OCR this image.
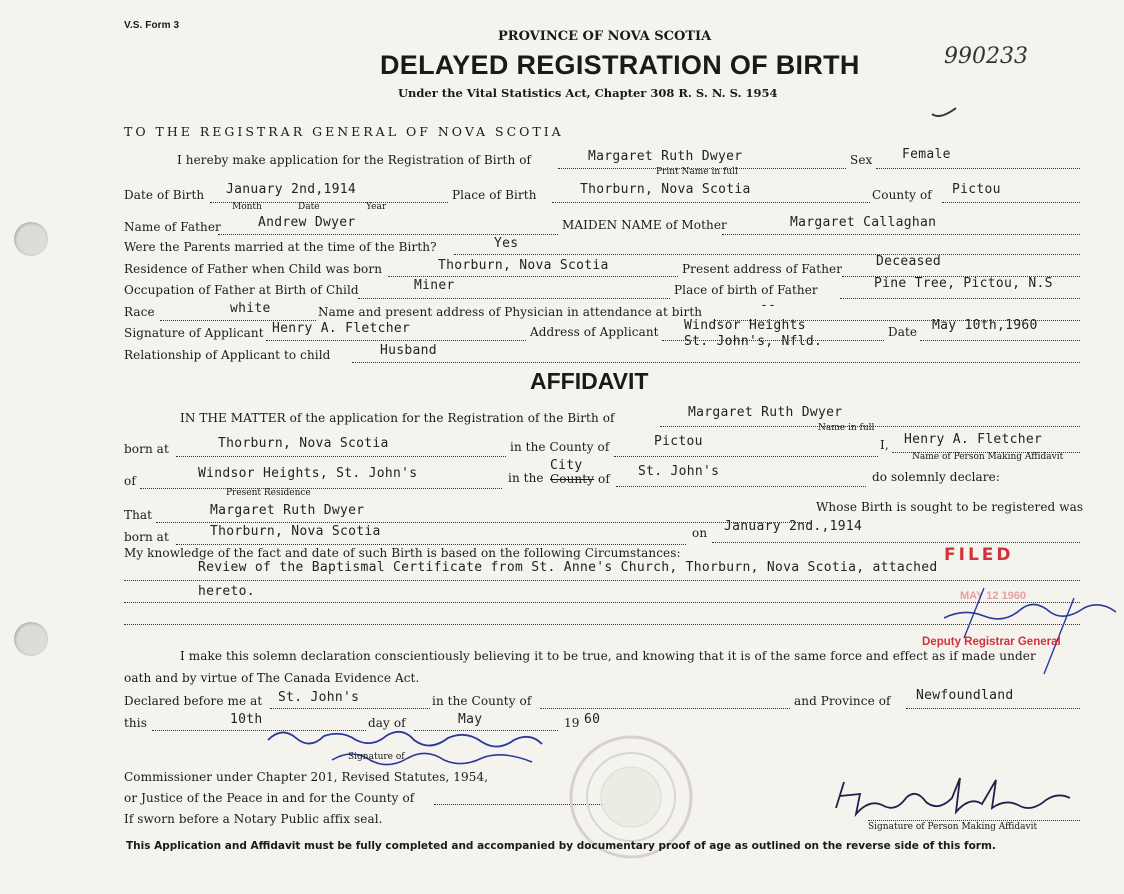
V.S. Form 3
PROVINCE OF NOVA SCOTIA
DELAYED REGISTRATION OF BIRTH
Under the Vital Statistics Act, Chapter 308 R. S. N. S. 1954
990233
TO THE REGISTRAR GENERAL OF NOVA SCOTIA
I hereby make application for the Registration of Birth of	Margaret Ruth Dwyer
Print Name in full
Sex Female
Date of Birth January 2nd,1914
Month	Date	Year
Place of Birth	Thorburn, Nova Scotia	County of Pictou
Name of Father	Andrew Dwyer	MAIDEN NAME of Mother	Margaret Callaghan
Were the Parents married at the time of the Birth?	Yes
Residence of Father when Child was born	Thorburn, Nova Scotia	Present address of Father	Deceased
Occupation of Father at Birth of Child	Miner	Place of birth of Father	Pine Tree, Pictou, N.S
Race	white	Name and present address of Physician in attendance at birth	--
Signature of Applicant Henry A. Fletcher	Address of Applicant Windsor Heights
St. John's, Nfld.
Date May 10th,1960
Relationship of Applicant to child	Husband
AFFIDAVIT
IN THE MATTER of the application for the Registration of the Birth of	Margaret Ruth Dwyer
Name in full
born at	Thorburn, Nova Scotia	in the County of	Pictou	I, Henry A. Fletcher
Name of Person Making Affidavit
of	Windsor Heights, St. John's
Present Residence
in the County
City
of St. John's	do solemnly declare:
That	Margaret Ruth Dwyer	Whose Birth is sought to be registered was
born at	Thorburn, Nova Scotia	on January 2nd.,1914
My knowledge of the fact and date of such Birth is based on the following Circumstances:
Review of the Baptismal Certificate from St. Anne's Church, Thorburn, Nova Scotia, attached
hereto.
I make this solemn declaration conscientiously believing it to be true, and knowing that it is of the same force and effect as if made under
oath and by virtue of The Canada Evidence Act.
Declared before me at St. John's	in the County of	and Province of Newfoundland
this	10th	day of	May	19 60
Signature of
Commissioner under Chapter 201, Revised Statutes, 1954,
or Justice of the Peace in and for the County of
If sworn before a Notary Public affix seal.
Signature of Person Making Affidavit
FILED
MAY 12 1960
Deputy Registrar General
This Application and Affidavit must be fully completed and accompanied by documentary proof of age as outlined on the reverse side of this form.
